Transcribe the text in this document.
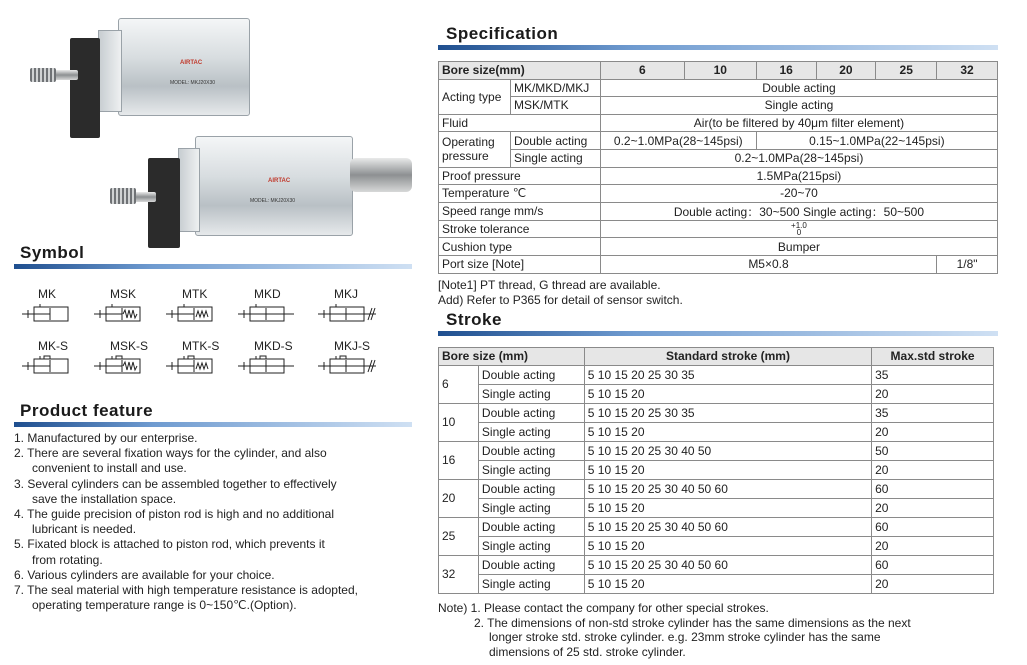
AIRTAC
MODEL: MKJ20X30
AIRTAC
MODEL: MKJ20X30
Symbol
MK	MSK	MTK	MKD	MKJ
MK-S	MSK-S	MTK-S	MKD-S	MKJ-S
Product feature
1. Manufactured by our enterprise.
2. There are several fixation ways for the cylinder, and also
convenient to install and use.
3. Several cylinders can be assembled together to effectively
save the installation space.
4. The guide precision of piston rod is high and no additional
lubricant is needed.
5. Fixated block is attached to piston rod, which prevents it
from rotating.
6. Various cylinders are available for your choice.
7. The seal material with high temperature resistance is adopted,
operating temperature range is 0~150℃.(Option).
Specification
Bore size(mm)		6	10	16	20	25	32
Acting type	MK/MKD/MKJ	Double acting					
	MSK/MTK	Single acting					
Fluid		Air(to be filtered by 40μm filter element)					
Operating
pressure	Double acting	0.2~1.0MPa(28~145psi)		0.15~1.0MPa(22~145psi)			
	Single acting	0.2~1.0MPa(28~145psi)					
Proof pressure		1.5MPa(215psi)					
Temperature ℃		-20~70					
Speed range mm/s		Double acting：30~500 Single acting：50~500					
Stroke tolerance		+1.0
0					
Cushion type		Bumper					
Port size [Note]		M5×0.8					1/8"
[Note1] PT thread, G thread are available.
Add) Refer to P365 for detail of sensor switch.
Stroke
Bore size (mm)		Standard stroke (mm)	Max.std stroke
6	Double acting	5 10 15 20 25 30 35	35
	Single acting	5 10 15 20	20
10	Double acting	5 10 15 20 25 30 35	35
	Single acting	5 10 15 20	20
16	Double acting	5 10 15 20 25 30 40 50	50
	Single acting	5 10 15 20	20
20	Double acting	5 10 15 20 25 30 40 50 60	60
	Single acting	5 10 15 20	20
25	Double acting	5 10 15 20 25 30 40 50 60	60
	Single acting	5 10 15 20	20
32	Double acting	5 10 15 20 25 30 40 50 60	60
	Single acting	5 10 15 20	20
Note) 1. Please contact the company for other special strokes.
2. The dimensions of non-std stroke cylinder has the same dimensions as the next
longer stroke std. stroke cylinder. e.g. 23mm stroke cylinder has the same
dimensions of 25 std. stroke cylinder.
